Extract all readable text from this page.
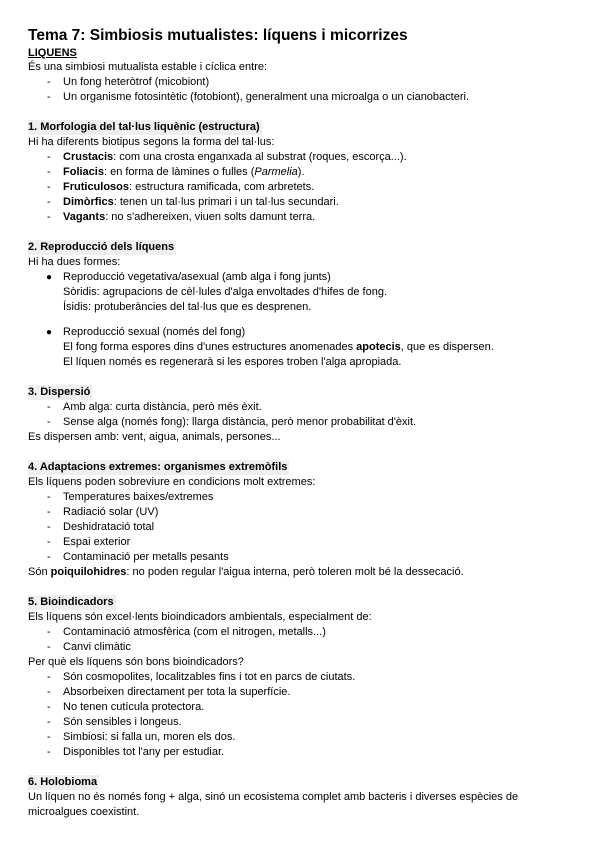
Tema 7: Simbiosis mutualistes: líquens i micorrizes
LIQUENS
És una simbiosi mutualista estable i cíclica entre:
- Un fong heteròtrof (micobiont)
- Un organisme fotosintètic (fotobiont), generalment una microalga o un cianobacteri.
1. Morfologia del tal·lus liquènic (estructura)
Hi ha diferents biotipus segons la forma del tal·lus:
- Crustacis: com una crosta enganxada al substrat (roques, escorça...).
- Foliacis: en forma de làmines o fulles (Parmelia).
- Fruticulosos: estructura ramificada, com arbretets.
- Dimòrfics: tenen un tal·lus primari i un tal·lus secundari.
- Vagants: no s'adhereixen, viuen solts damunt terra.
2. Reproducció dels líquens
Hi ha dues formes:
● Reproducció vegetativa/asexual (amb alga i fong junts)
Sòridis: agrupacions de cèl·lules d'alga envoltades d'hifes de fong.
Ísidis: protuberàncies del tal·lus que es desprenen.
● Reproducció sexual (només del fong)
El fong forma espores dins d'unes estructures anomenades apotecis, que es dispersen.
El líquen només es regenerarà si les espores troben l'alga apropiada.
3. Dispersió
- Amb alga: curta distància, però més èxit.
- Sense alga (només fong): llarga distància, però menor probabilitat d'èxit.
Es dispersen amb: vent, aigua, animals, persones...
4. Adaptacions extremes: organismes extremòfils
Els líquens poden sobreviure en condicions molt extremes:
- Temperatures baixes/extremes
- Radiació solar (UV)
- Deshidratació total
- Espai exterior
- Contaminació per metalls pesants
Són poiquilohidres: no poden regular l'aigua interna, però toleren molt bé la dessecació.
5. Bioindicadors
Els líquens són excel·lents bioindicadors ambientals, especialment de:
- Contaminació atmosfèrica (com el nitrogen, metalls...)
- Canvi climàtic
Per què els líquens són bons bioindicadors?
- Són cosmopolites, localitzables fins i tot en parcs de ciutats.
- Absorbeixen directament per tota la superfície.
- No tenen cutícula protectora.
- Són sensibles i longeus.
- Simbiosi: si falla un, moren els dos.
- Disponibles tot l'any per estudiar.
6. Holobioma
Un líquen no és només fong + alga, sinó un ecosistema complet amb bacteris i diverses espècies de microalgues coexistint.
